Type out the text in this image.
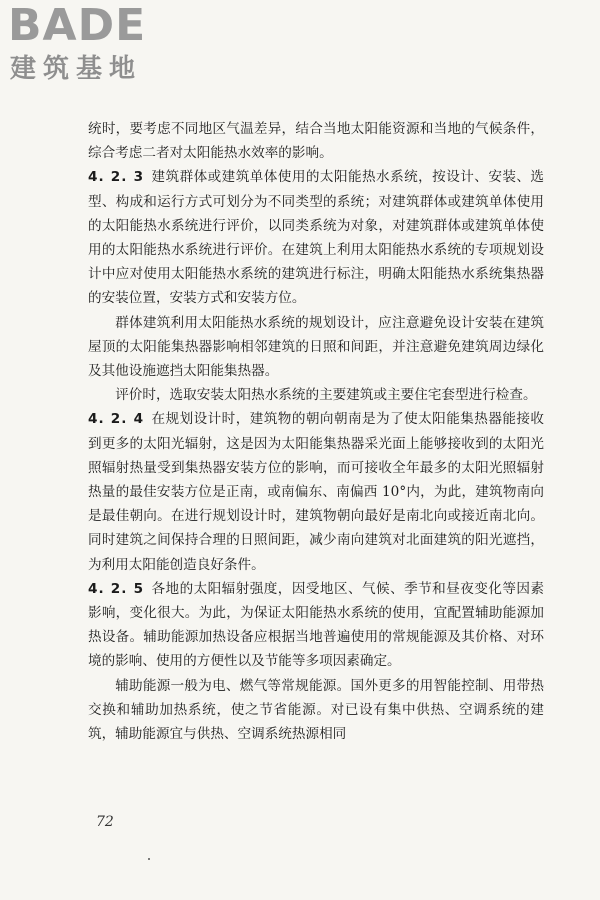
BADE
建筑基地

统时，要考虑不同地区气温差异，结合当地太阳能资源和当地的气候条件，综合考虑二者对太阳能热水效率的影响。

4. 2. 3 建筑群体或建筑单体使用的太阳能热水系统，按设计、安装、选型、构成和运行方式可划分为不同类型的系统；对建筑群体或建筑单体使用的太阳能热水系统进行评价，以同类系统为对象，对建筑群体或建筑单体使用的太阳能热水系统进行评价。在建筑上利用太阳能热水系统的专项规划设计中应对使用太阳能热水系统的建筑进行标注，明确太阳能热水系统集热器的安装位置，安装方式和安装方位。

群体建筑利用太阳能热水系统的规划设计，应注意避免设计安装在建筑屋顶的太阳能集热器影响相邻建筑的日照和间距，并注意避免建筑周边绿化及其他设施遮挡太阳能集热器。

评价时，选取安装太阳热水系统的主要建筑或主要住宅套型进行检查。

4. 2. 4 在规划设计时，建筑物的朝向朝南是为了使太阳能集热器能接收到更多的太阳光辐射，这是因为太阳能集热器采光面上能够接收到的太阳光照辐射热量受到集热器安装方位的影响，而可接收全年最多的太阳光照辐射热量的最佳安装方位是正南，或南偏东、南偏西 10°内，为此，建筑物南向是最佳朝向。在进行规划设计时，建筑物朝向最好是南北向或接近南北向。同时建筑之间保持合理的日照间距，减少南向建筑对北面建筑的阳光遮挡，为利用太阳能创造良好条件。

4. 2. 5 各地的太阳辐射强度，因受地区、气候、季节和昼夜变化等因素影响，变化很大。为此，为保证太阳能热水系统的使用，宜配置辅助能源加热设备。辅助能源加热设备应根据当地普遍使用的常规能源及其价格、对环境的影响、使用的方便性以及节能等多项因素确定。

辅助能源一般为电、燃气等常规能源。国外更多的用智能控制、用带热交换和辅助加热系统，使之节省能源。对已设有集中供热、空调系统的建筑，辅助能源宜与供热、空调系统热源相同

72
